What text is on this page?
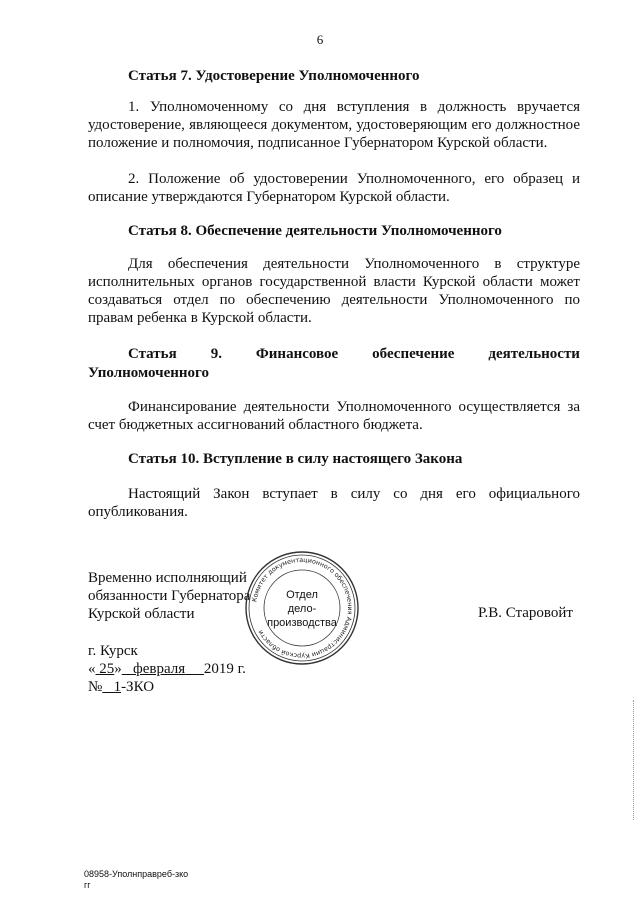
6
Статья 7. Удостоверение Уполномоченного
1. Уполномоченному со дня вступления в должность вручается удостоверение, являющееся документом, удостоверяющим его должностное положение и полномочия, подписанное Губернатором Курской области.
2. Положение об удостоверении Уполномоченного, его образец и описание утверждаются Губернатором Курской области.
Статья 8. Обеспечение деятельности Уполномоченного
Для обеспечения деятельности Уполномоченного в структуре исполнительных органов государственной власти Курской области может создаваться отдел по обеспечению деятельности Уполномоченного по правам ребенка в Курской области.
Статья 9. Финансовое обеспечение деятельности
Уполномоченного
Финансирование деятельности Уполномоченного осуществляется за счет бюджетных ассигнований областного бюджета.
Статья 10. Вступление в силу настоящего Закона
Настоящий Закон вступает в силу со дня его официального опубликования.
Временно исполняющий
обязанности Губернатора
Курской области	Р.В. Старовойт
Комитет документационного обеспечения Администрации Курской области
Отдел
дело-
производства
г. Курск
« 25» февраля 2019 г.
№ 1-ЗКО
08958-Уполнправреб-зко
гг
